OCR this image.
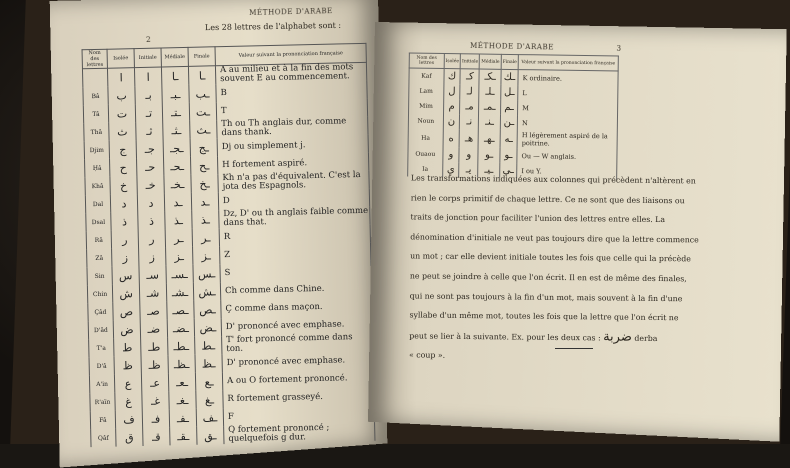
2
MÉTHODE D'ARABE
Les 28 lettres de l'alphabet sont :
Nom des lettres	Isolée	Initiale	Médiale	Finale	Valeur suivant la prononciation française
	ا	ا	ـا	ـا	A au milieu et à la fin des mots souvent E au commencement.
Bâ	ب	بـ	ـبـ	ـب	B
Tâ	ت	تـ	ـتـ	ـت	T
Thâ	ث	ثـ	ـثـ	ـث	Th ou Th anglais dur, comme dans thank.
Djim	ج	جـ	ـجـ	ـج	Dj ou simplement j.
Ḥâ	ح	حـ	ـحـ	ـح	H fortement aspiré.
Khâ	خ	خـ	ـخـ	ـخ	Kh n'a pas d'équivalent. C'est la jota des Espagnols.
Dal	د	د	ـد	ـد	D
Dsal	ذ	ذ	ـذ	ـذ	Dz, D' ou th anglais faible comme dans that.
Râ	ر	ر	ـر	ـر	R
Zâ	ز	ز	ـز	ـز	Z
Sin	س	سـ	ـسـ	ـس	S
Chin	ش	شـ	ـشـ	ـش	Ch comme dans Chine.
Çâd	ص	صـ	ـصـ	ـص	Ç comme dans maçon.
D'âd	ض	ضـ	ـضـ	ـض	D' prononcé avec emphase.
T'a	ط	طـ	ـطـ	ـط	T' fort prononcé comme dans ton.
D'â	ظ	ظـ	ـظـ	ـظ	D' prononcé avec emphase.
A'in	ع	عـ	ـعـ	ـع	A ou O fortement prononcé.
R'aïn	غ	غـ	ـغـ	ـغ	R fortement grasseyé.
Fâ	ف	فـ	ـفـ	ـف	F
Qâf	ق	قـ	ـقـ	ـق	Q fortement prononcé ; quelquefois g dur.
MÉTHODE D'ARABE	3
Nom des lettres	Isolée	Initiale	Médiale	Finale	Valeur suivant la prononciation française
Kaf	ك	كـ	ـكـ	ـك	K ordinaire.
Lam	ل	لـ	ـلـ	ـل	L
Mim	م	مـ	ـمـ	ـم	M
Noun	ن	نـ	ـنـ	ـن	N
Ha	ه	هـ	ـهـ	ـه	H légèrement aspiré de la poitrine.
Ouaou	و	و	ـو	ـو	Ou — W anglais.
Ia	ي	يـ	ـيـ	ـي	I ou Y.
Les transformations indiquées aux colonnes qui précèdent n'altèrent en
rien le corps primitif de chaque lettre. Ce ne sont que des liaisons ou
traits de jonction pour faciliter l'union des lettres entre elles. La
dénomination d'initiale ne veut pas toujours dire que la lettre commence
un mot ; car elle devient initiale toutes les fois que celle qui la précède
ne peut se joindre à celle que l'on écrit. Il en est de même des finales,
qui ne sont pas toujours à la fin d'un mot, mais souvent à la fin d'une
syllabe d'un même mot, toutes les fois que la lettre que l'on écrit ne
peut se lier à la suivante. Ex. pour les deux cas : ضربة derba
« coup ».
